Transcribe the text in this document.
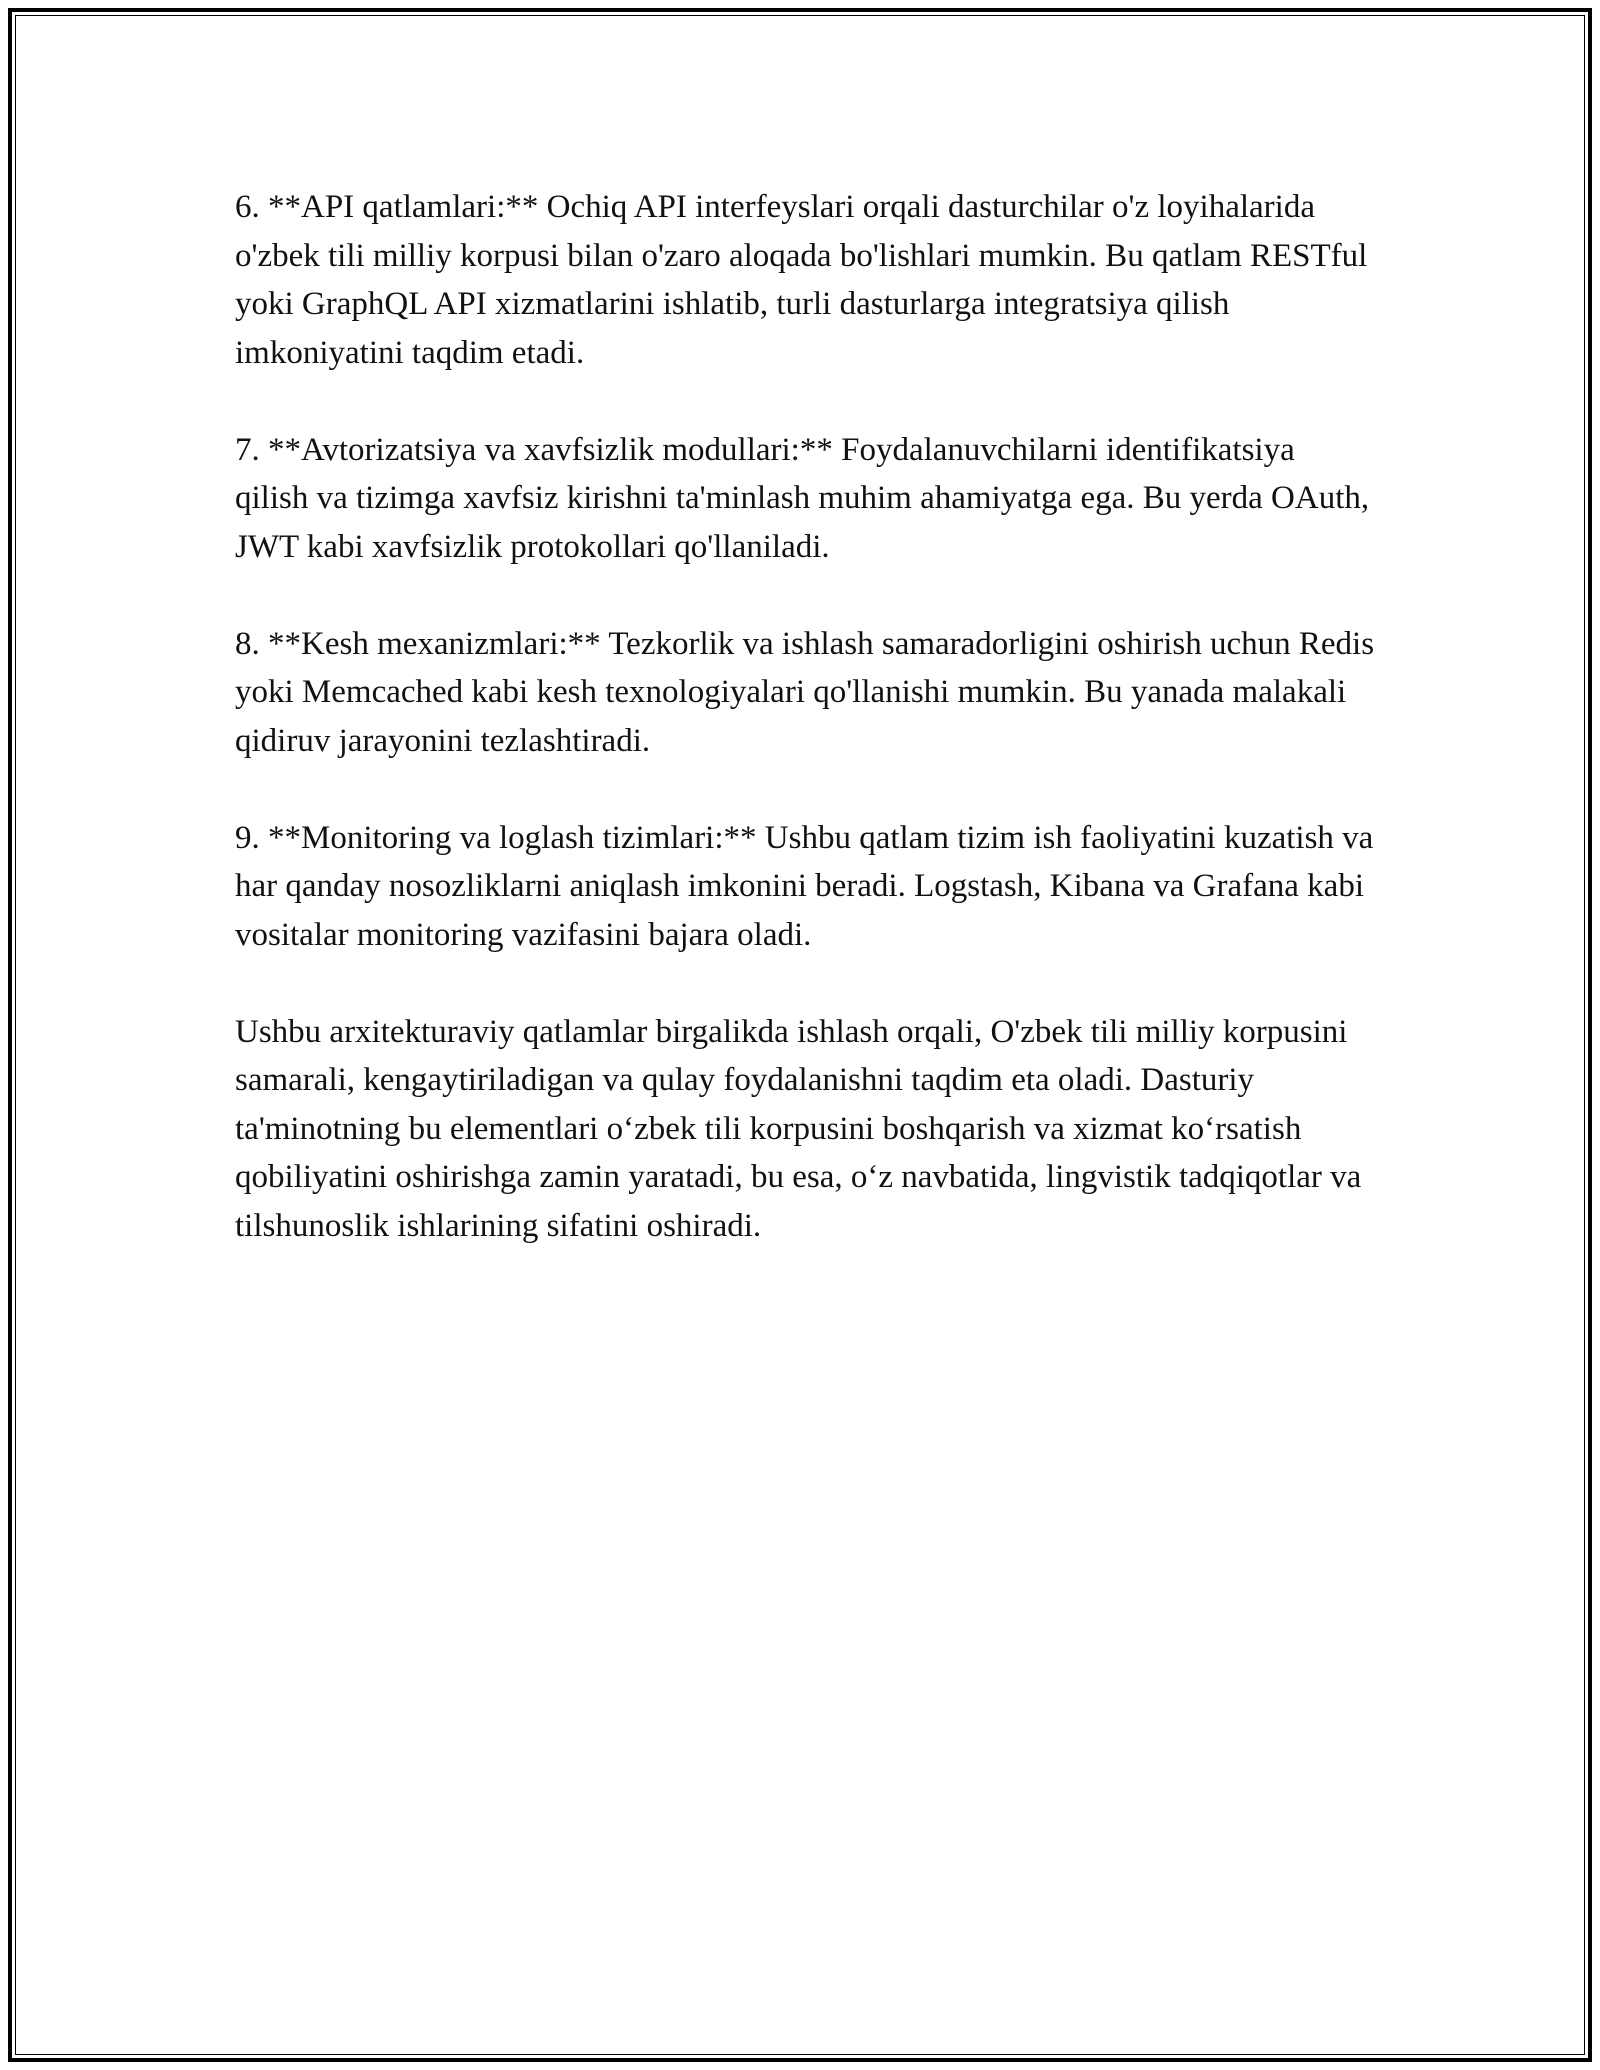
6. **API qatlamlari:** Ochiq API interfeyslari orqali dasturchilar o'z loyihalarida o'zbek tili milliy korpusi bilan o'zaro aloqada bo'lishlari mumkin. Bu qatlam RESTful yoki GraphQL API xizmatlarini ishlatib, turli dasturlarga integratsiya qilish imkoniyatini taqdim etadi.

7. **Avtorizatsiya va xavfsizlik modullari:** Foydalanuvchilarni identifikatsiya qilish va tizimga xavfsiz kirishni ta'minlash muhim ahamiyatga ega. Bu yerda OAuth, JWT kabi xavfsizlik protokollari qo'llaniladi.

8. **Kesh mexanizmlari:** Tezkorlik va ishlash samaradorligini oshirish uchun Redis yoki Memcached kabi kesh texnologiyalari qo'llanishi mumkin. Bu yanada malakali qidiruv jarayonini tezlashtiradi.

9. **Monitoring va loglash tizimlari:** Ushbu qatlam tizim ish faoliyatini kuzatish va har qanday nosozliklarni aniqlash imkonini beradi. Logstash, Kibana va Grafana kabi vositalar monitoring vazifasini bajara oladi.

Ushbu arxitekturaviy qatlamlar birgalikda ishlash orqali, O'zbek tili milliy korpusini samarali, kengaytiriladigan va qulay foydalanishni taqdim eta oladi. Dasturiy ta'minotning bu elementlari o‘zbek tili korpusini boshqarish va xizmat ko‘rsatish qobiliyatini oshirishga zamin yaratadi, bu esa, o‘z navbatida, lingvistik tadqiqotlar va tilshunoslik ishlarining sifatini oshiradi.
